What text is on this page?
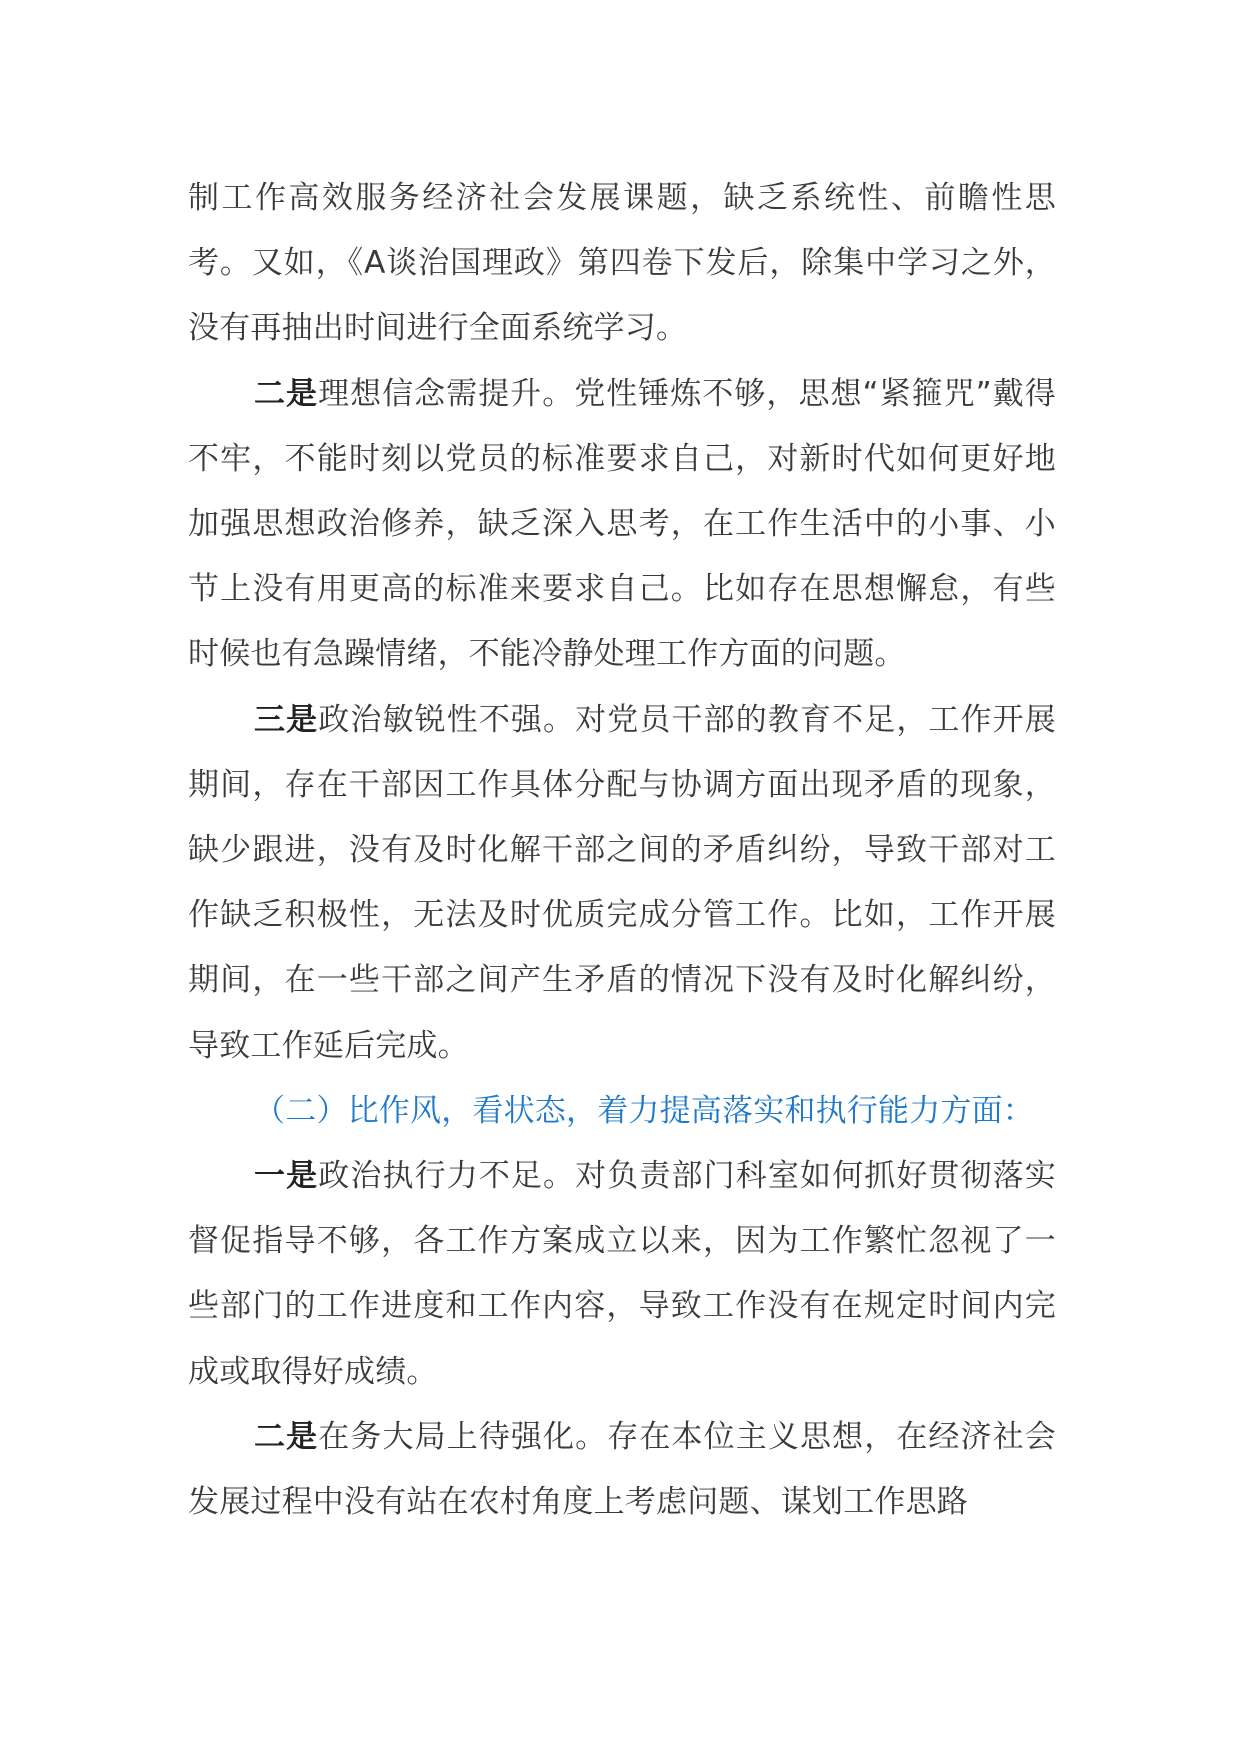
制工作高效服务经济社会发展课题，缺乏系统性、前瞻性思考。又如，《A谈治国理政》第四卷下发后，除集中学习之外，没有再抽出时间进行全面系统学习。

二是理想信念需提升。党性锤炼不够，思想“紧箍咒”戴得不牢，不能时刻以党员的标准要求自己，对新时代如何更好地加强思想政治修养，缺乏深入思考，在工作生活中的小事、小节上没有用更高的标准来要求自己。比如存在思想懈怠，有些时候也有急躁情绪，不能冷静处理工作方面的问题。

三是政治敏锐性不强。对党员干部的教育不足，工作开展期间，存在干部因工作具体分配与协调方面出现矛盾的现象，缺少跟进，没有及时化解干部之间的矛盾纠纷，导致干部对工作缺乏积极性，无法及时优质完成分管工作。比如，工作开展期间，在一些干部之间产生矛盾的情况下没有及时化解纠纷，导致工作延后完成。

（二）比作风，看状态，着力提高落实和执行能力方面：

一是政治执行力不足。对负责部门科室如何抓好贯彻落实督促指导不够，各工作方案成立以来，因为工作繁忙忽视了一些部门的工作进度和工作内容，导致工作没有在规定时间内完成或取得好成绩。

二是在务大局上待强化。存在本位主义思想，在经济社会发展过程中没有站在农村角度上考虑问题、谋划工作思路
